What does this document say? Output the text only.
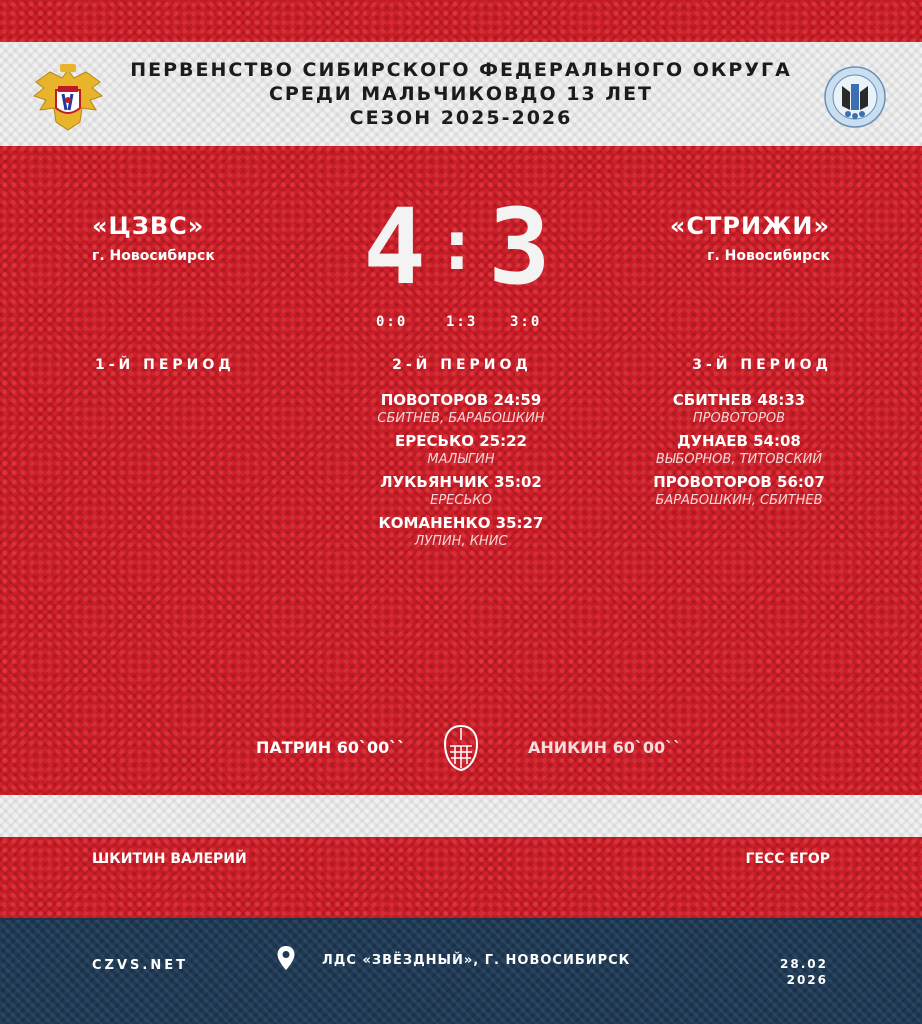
ПЕРВЕНСТВО СИБИРСКОГО ФЕДЕРАЛЬНОГО ОКРУГА
СРЕДИ МАЛЬЧИКОВДО 13 ЛЕТ
СЕЗОН 2025-2026
«ЦЗВС»
г. Новосибирск
«СТРИЖИ»
г. Новосибирск
4:3
0:0	1:3 3:0
1-Й ПЕРИОД	2-Й ПЕРИОД	3-Й ПЕРИОД
ПОВОТОРОВ 24:59
СБИТНЕВ, БАРАБОШКИН
ЕРЕСЬКО 25:22
МАЛЫГИН
ЛУКЬЯНЧИК 35:02
ЕРЕСЬКО
КОМАНЕНКО 35:27
ЛУПИН, КНИС
СБИТНЕВ 48:33
ПРОВОТОРОВ
ДУНАЕВ 54:08
ВЫБОРНОВ, ТИТОВСКИЙ
ПРОВОТОРОВ 56:07
БАРАБОШКИН, СБИТНЕВ
ПАТРИН 60`00``	АНИКИН 60`00``
ШКИТИН ВАЛЕРИЙ	ГЕСС ЕГОР
CZVS.NET	ЛДС «ЗВЁЗДНЫЙ», Г. НОВОСИБИРСК	28.02
2026
